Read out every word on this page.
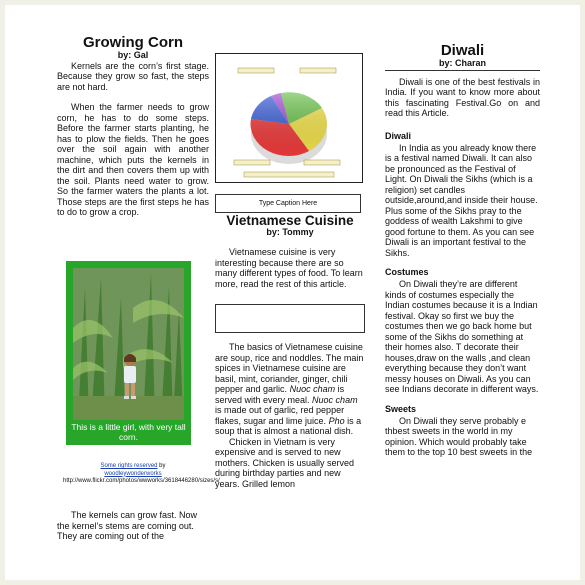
Growing Corn

by: Gal

Kernels are the corn’s first stage. Because they grow so fast, the steps are not hard.

When the farmer needs to grow corn, he has to do some steps. Before the farmer starts planting, he has to plow the fields. Then he goes over the soil again with another machine, which puts the kernels in the dirt and then covers them up with the soil. Plants need water to grow. So the farmer waters the plants a lot. Those steps are the first steps he has to do to grow a crop.

This is a little girl, with very tall corn.
Some rights reserved by
woodleywonderworks
http://www.flickr.com/photos/wwworks/3618446280/sizes/s/

The kernels can grow fast. Now the kernel’s stems are coming out. They are coming out of the

Type Caption Here
Vietnamese Cuisine

by: Tommy

Vietnamese cuisine is very interesting because there are so many different types of food. To learn more, read the rest of this article.

The basics of Vietnamese cuisine are soup, rice and noddles. The main spices in Vietnamese cuisine are basil, mint, coriander, ginger, chili pepper and garlic. Nuoc cham is served with every meal. Nuoc cham is made out of garlic, red pepper flakes, sugar and lime juice. Pho is a soup that is almost a national dish.

Chicken in Vietnam is very expensive and is served to new mothers. Chicken is usually served during birthday parties and new years. Grilled lemon

Diwali

by: Charan

Diwali is one of the best festivals in India. If you want to know more about this fascinating Festival.Go on and read this Article.

Diwali

In India as you already know there is a festival named Diwali. It can also be pronounced as the Festival of Light. On Diwali the Sikhs (which is a religion) set candles outside,around,and inside their house. Plus some of the Sikhs pray to the goddess of wealth Lakshmi to give good fortune to them. As you can see Diwali is an important festival to the Sikhs.

Costumes

On Diwali they’re are different kinds of costumes especially the Indian costumes because it is a Indian festival. Okay so first we buy the costumes then we go back home but some of the Sikhs do something at their homes also. T decorate their houses,draw on the walls ,and clean everything because they don’t want messy houses on Diwali. As you can see Indians decorate in different ways.

Sweets

On Diwali they serve probably e thbest sweets in the world in my opinion. Which would probably take them to the top 10 best sweets in the
